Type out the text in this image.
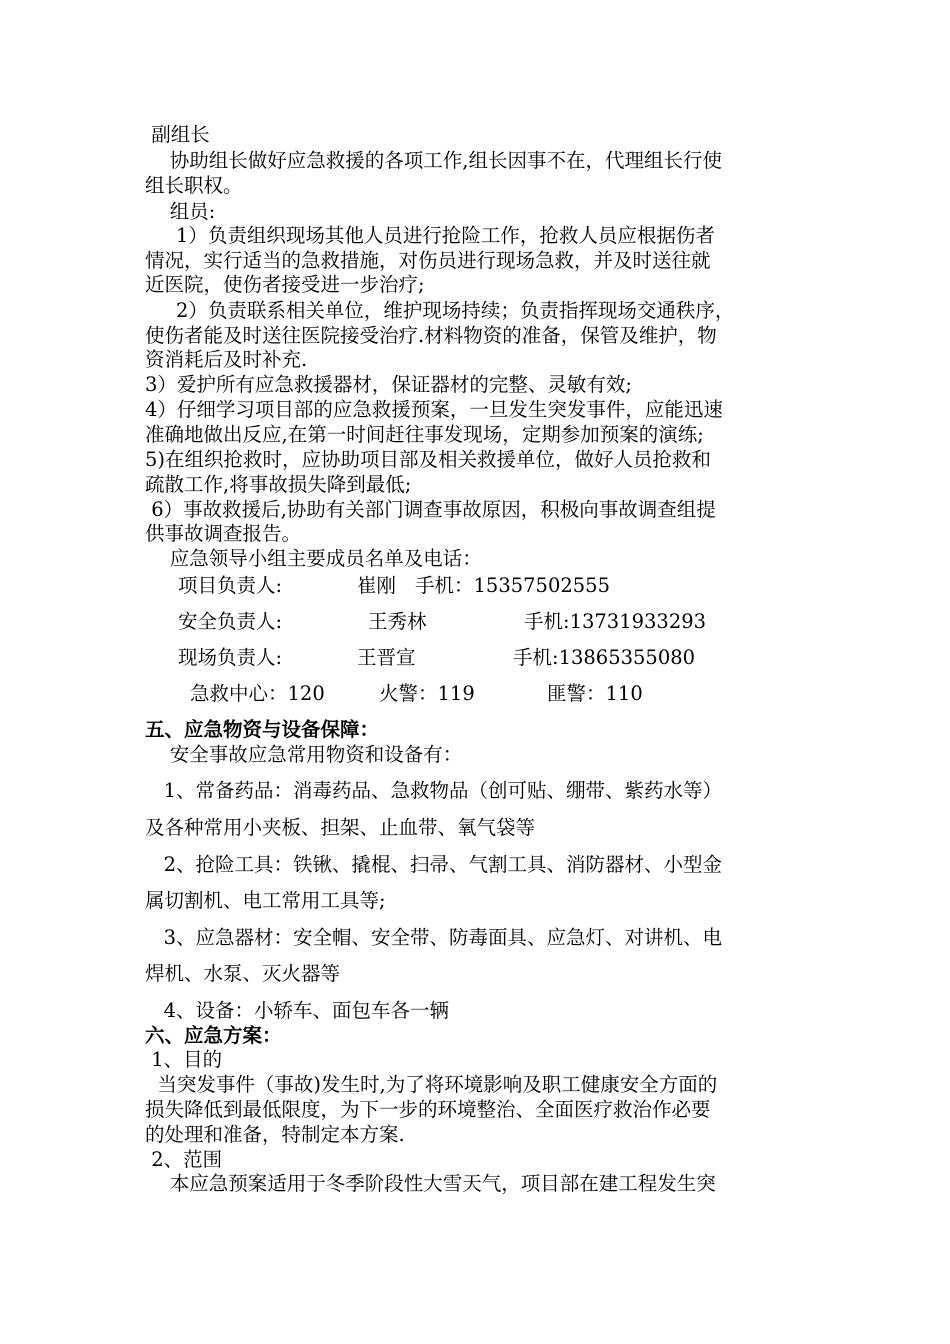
副组长
协助组长做好应急救援的各项工作,组长因事不在，代理组长行使
组长职权。
组员:
1）负责组织现场其他人员进行抢险工作，抢救人员应根据伤者
情况，实行适当的急救措施，对伤员进行现场急救，并及时送往就
近医院，使伤者接受进一步治疗;
2）负责联系相关单位，维护现场持续；负责指挥现场交通秩序，
使伤者能及时送往医院接受治疗.材料物资的准备，保管及维护，物
资消耗后及时补充.
3）爱护所有应急救援器材，保证器材的完整、灵敏有效;
4）仔细学习项目部的应急救援预案，一旦发生突发事件，应能迅速
准确地做出反应,在第一时间赶往事发现场，定期参加预案的演练;
5)在组织抢救时，应协助项目部及相关救援单位，做好人员抢救和
疏散工作,将事故损失降到最低;
6）事故救援后,协助有关部门调查事故原因，积极向事故调查组提
供事故调查报告。
应急领导小组主要成员名单及电话：
项目负责人:	崔刚 手机：15357502555
安全负责人:	王秀林	手机:13731933293
现场负责人:	王晋宣	手机:13865355080
急救中心：120	火警：119	匪警：110
五、应急物资与设备保障：
安全事故应急常用物资和设备有：
1、常备药品：消毒药品、急救物品（创可贴、绷带、紫药水等）
及各种常用小夹板、担架、止血带、氧气袋等
2、抢险工具：铁锹、撬棍、扫帚、气割工具、消防器材、小型金
属切割机、电工常用工具等;
3、应急器材：安全帽、安全带、防毒面具、应急灯、对讲机、电
焊机、水泵、灭火器等
4、设备：小轿车、面包车各一辆
六、应急方案：
1、目的
当突发事件（事故)发生时,为了将环境影响及职工健康安全方面的
损失降低到最低限度，为下一步的环境整治、全面医疗救治作必要
的处理和准备，特制定本方案.
2、范围
本应急预案适用于冬季阶段性大雪天气，项目部在建工程发生突
